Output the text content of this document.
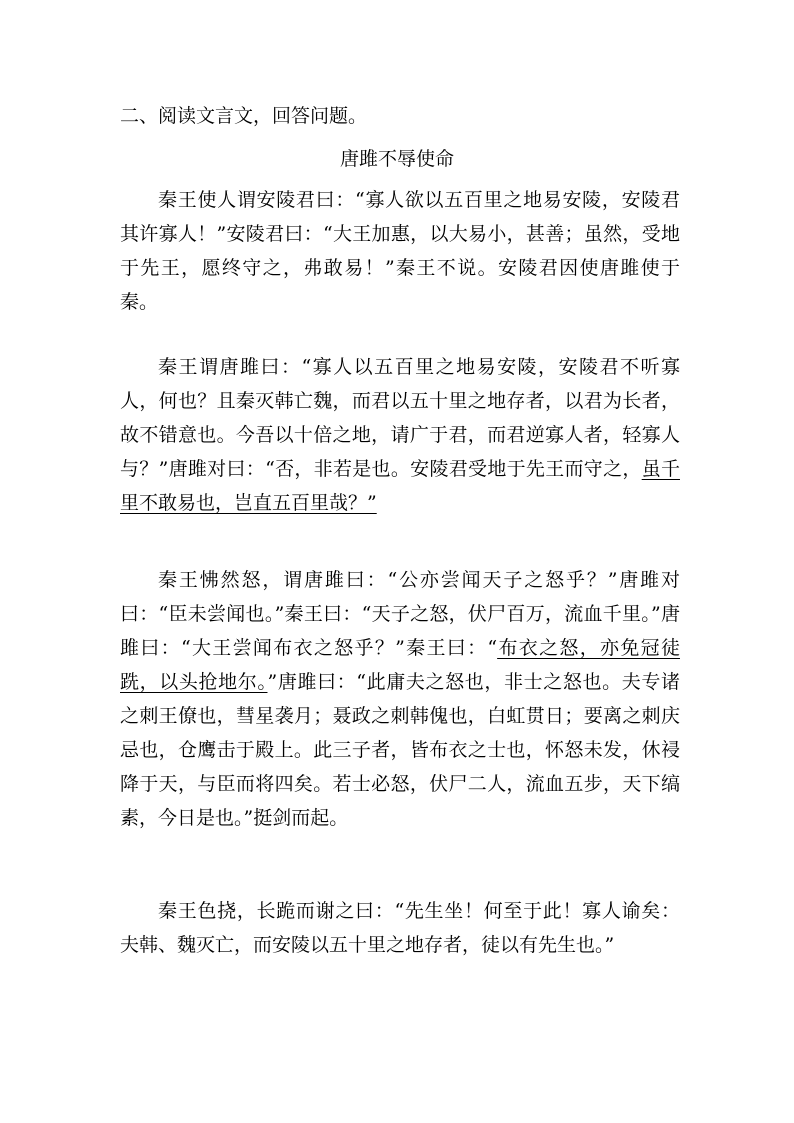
二、阅读文言文，回答问题。
唐雎不辱使命
秦王使人谓安陵君曰：“寡人欲以五百里之地易安陵，安陵君其许寡人！”安陵君曰：“大王加惠，以大易小，甚善；虽然，受地于先王，愿终守之，弗敢易！”秦王不说。安陵君因使唐雎使于秦。
秦王谓唐雎曰：“寡人以五百里之地易安陵，安陵君不听寡人，何也？且秦灭韩亡魏，而君以五十里之地存者，以君为长者，故不错意也。今吾以十倍之地，请广于君，而君逆寡人者，轻寡人与？”唐雎对曰：“否，非若是也。安陵君受地于先王而守之，虽千里不敢易也，岂直五百里哉？”
秦王怫然怒，谓唐雎曰：“公亦尝闻天子之怒乎？”唐雎对曰：“臣未尝闻也。”秦王曰：“天子之怒，伏尸百万，流血千里。”唐雎曰：“大王尝闻布衣之怒乎？”秦王曰：“布衣之怒，亦免冠徒跣，以头抢地尔。”唐雎曰：“此庸夫之怒也，非士之怒也。夫专诸之刺王僚也，彗星袭月；聂政之刺韩傀也，白虹贯日；要离之刺庆忌也，仓鹰击于殿上。此三子者，皆布衣之士也，怀怒未发，休祲降于天，与臣而将四矣。若士必怒，伏尸二人，流血五步，天下缟素，今日是也。”挺剑而起。
秦王色挠，长跪而谢之曰：“先生坐！何至于此！寡人谕矣：夫韩、魏灭亡，而安陵以五十里之地存者，徒以有先生也。”
